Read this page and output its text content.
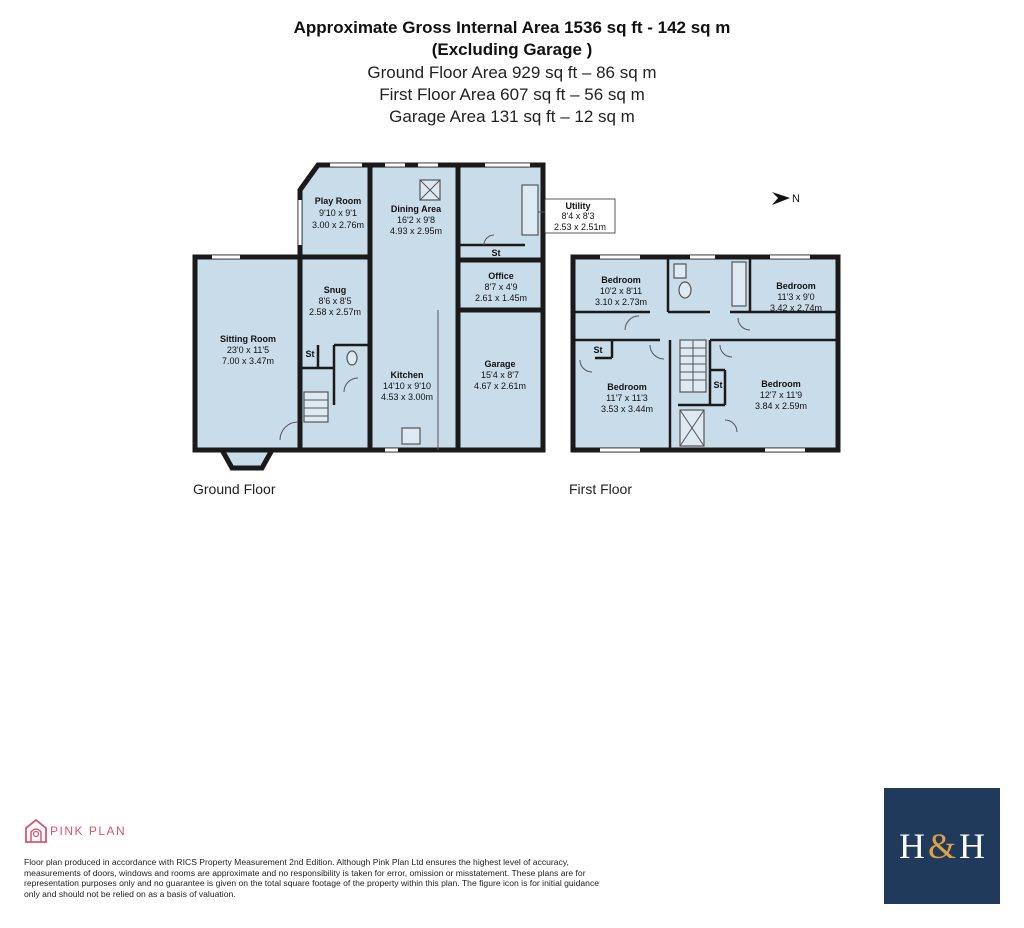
Approximate Gross Internal Area 1536 sq ft - 142 sq m
(Excluding Garage )
Ground Floor Area 929 sq ft – 86 sq m
First Floor Area 607 sq ft – 56 sq m
Garage Area 131 sq ft – 12 sq m
Play Room
9'10 x 9'1
3.00 x 2.76m
Dining Area
16'2 x 9'8
4.93 x 2.95m
Utility
8'4 x 8'3
2.53 x 2.51m
St
Office
8'7 x 4'9
2.61 x 1.45m
Snug
8'6 x 8'5
2.58 x 2.57m
Sitting Room
23'0 x 11'5
7.00 x 3.47m
St
Kitchen
14'10 x 9'10
4.53 x 3.00m
Garage
15'4 x 8'7
4.67 x 2.61m
Bedroom
10'2 x 8'11
3.10 x 2.73m
Bedroom
11'3 x 9'0
3.42 x 2.74m
St
Bedroom
11'7 x 11'3
3.53 x 3.44m
St	Bedroom
12'7 x 11'9
3.84 x 2.59m
N
Ground Floor	First Floor
PINK PLAN
Floor plan produced in accordance with RICS Property Measurement 2nd Edition. Although Pink Plan Ltd ensures the highest level of accuracy, measurements of doors, windows and rooms are approximate and no responsibility is taken for error, omission or misstatement. These plans are for representation purposes only and no guarantee is given on the total square footage of the property within this plan. The figure icon is for initial guidance only and should not be relied on as a basis of valuation.
H & H
